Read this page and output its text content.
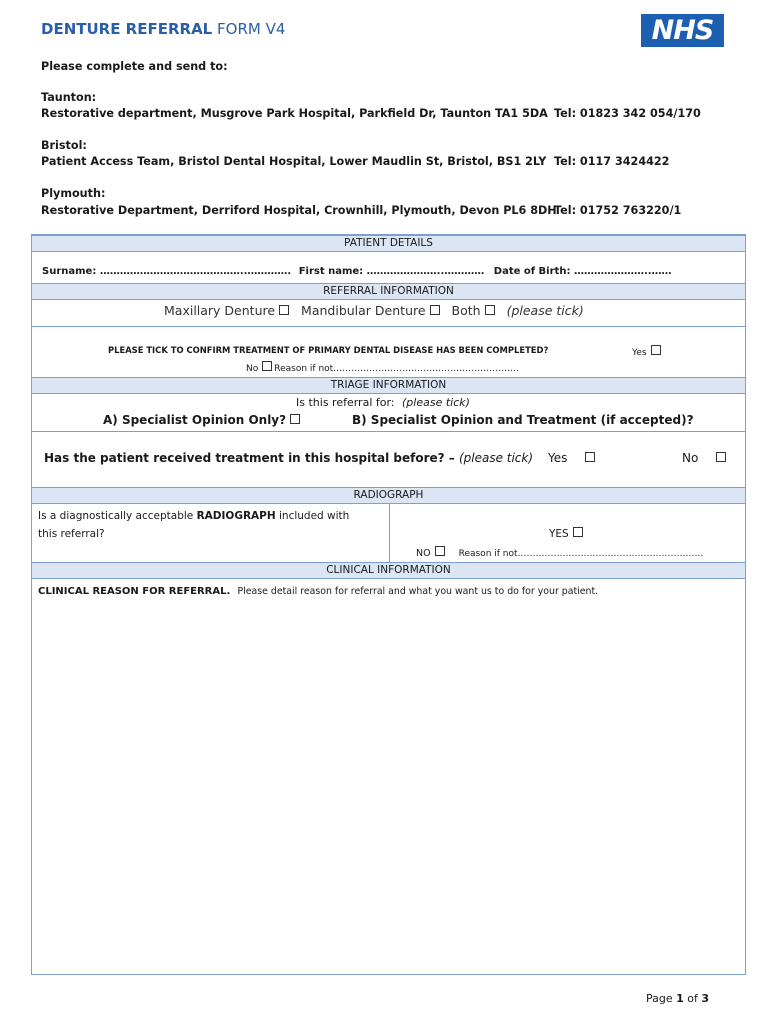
DENTURE REFERRAL FORM V4	NHS
Please complete and send to:
Taunton:
Restorative department, Musgrove Park Hospital, Parkfield Dr, Taunton TA1 5DA Tel: 01823 342 054/170
Bristol:
Patient Access Team, Bristol Dental Hospital, Lower Maudlin St, Bristol, BS1 2LY Tel: 0117 3424422
Plymouth:
Restorative Department, Derriford Hospital, Crownhill, Plymouth, Devon PL6 8DH
Tel: 01752 763220/1
PATIENT DETAILS
Surname: ……………………………………..…………. First name: …………………..………… Date of Birth: …………………..……
REFERRAL INFORMATION
Maxillary Denture Mandibular Denture Both (please tick)
PLEASE TICK TO CONFIRM TREATMENT OF PRIMARY DENTAL DISEASE HAS BEEN COMPLETED?	Yes
No Reason if not……………………………………………………..
TRIAGE INFORMATION
Is this referral for: (please tick)
A) Specialist Opinion Only?	B) Specialist Opinion and Treatment (if accepted)?
Has the patient received treatment in this hospital before? – (please tick) Yes	No
RADIOGRAPH
Is a diagnostically acceptable RADIOGRAPH included with
this referral?	YES
NO	Reason if not……………………………………………………..
CLINICAL INFORMATION
CLINICAL REASON FOR REFERRAL. Please detail reason for referral and what you want us to do for your patient.
Page 1 of 3
